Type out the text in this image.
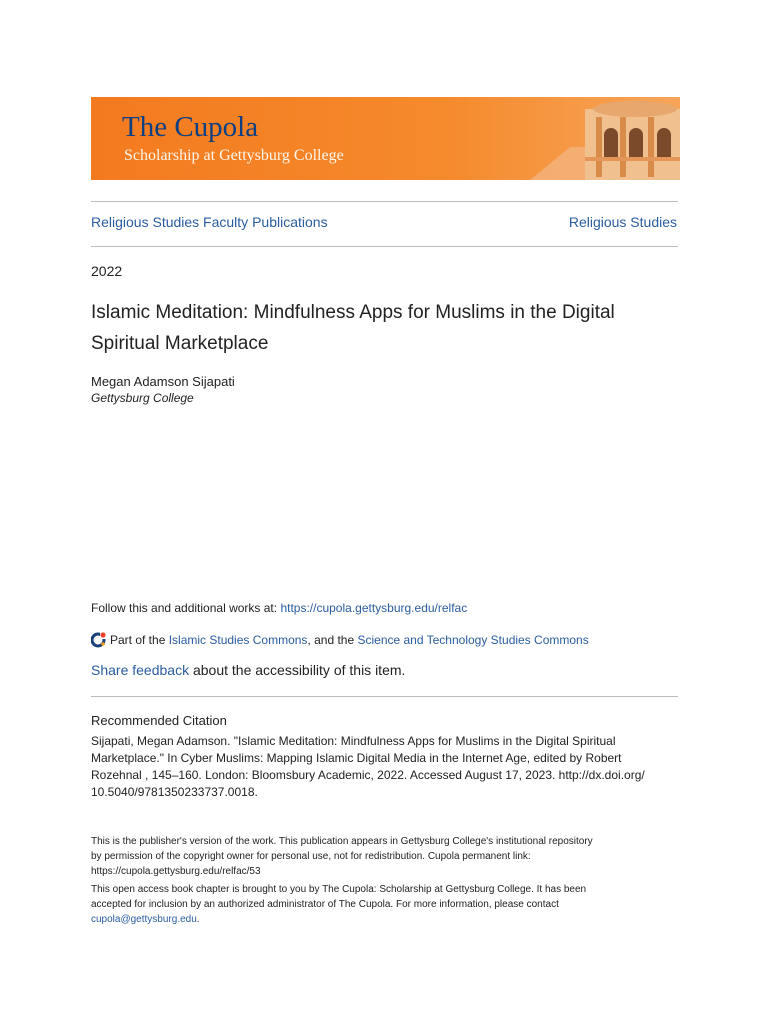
The Cupola
Scholarship at Gettysburg College
Religious Studies Faculty Publications	Religious Studies
2022
Islamic Meditation: Mindfulness Apps for Muslims in the Digital
Spiritual Marketplace
Megan Adamson Sijapati
Gettysburg College
Follow this and additional works at: https://cupola.gettysburg.edu/relfac
Part of the Islamic Studies Commons , and the Science and Technology Studies Commons
Share feedback about the accessibility of this item.
Recommended Citation
Sijapati, Megan Adamson. "Islamic Meditation: Mindfulness Apps for Muslims in the Digital Spiritual
Marketplace." In Cyber Muslims: Mapping Islamic Digital Media in the Internet Age, edited by Robert
Rozehnal , 145–160. London: Bloomsbury Academic, 2022. Accessed August 17, 2023. http://dx.doi.org/
10.5040/9781350233737.0018.
This is the publisher's version of the work. This publication appears in Gettysburg College's institutional repository
by permission of the copyright owner for personal use, not for redistribution. Cupola permanent link:
https://cupola.gettysburg.edu/relfac/53
This open access book chapter is brought to you by The Cupola: Scholarship at Gettysburg College. It has been
accepted for inclusion by an authorized administrator of The Cupola. For more information, please contact
cupola@gettysburg.edu.
